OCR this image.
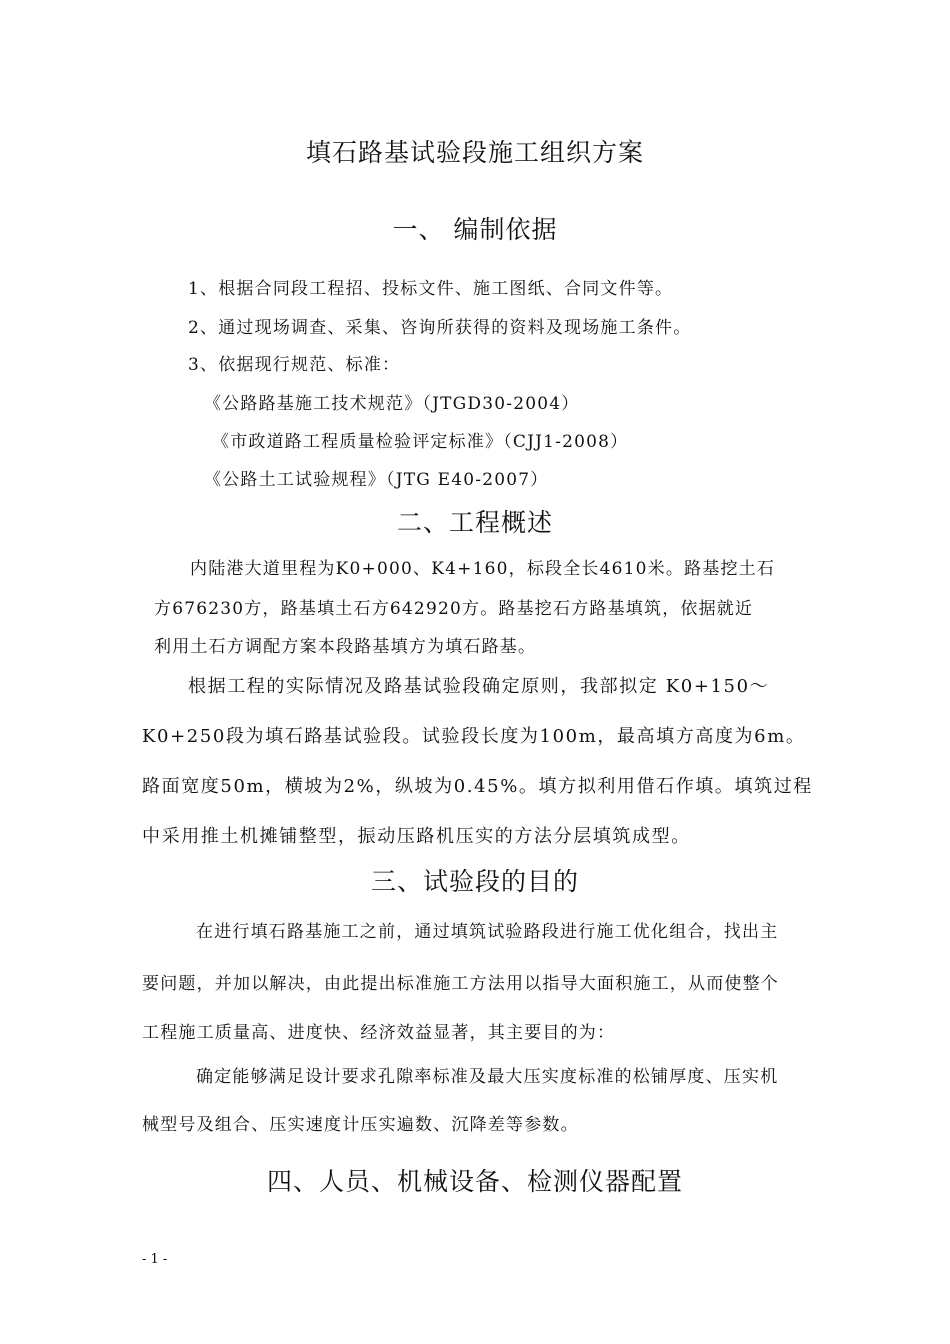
填石路基试验段施工组织方案
一、 编制依据
1、根据合同段工程招、投标文件、施工图纸、合同文件等。
2、通过现场调查、采集、咨询所获得的资料及现场施工条件。
3、依据现行规范、标准：
《公路路基施工技术规范》（JTGD30-2004）
《市政道路工程质量检验评定标准》（CJJ1-2008）
《公路土工试验规程》（JTG E40-2007）
二、工程概述
内陆港大道里程为K0+000、K4+160，标段全长4610米。路基挖土石
方676230方，路基填土石方642920方。路基挖石方路基填筑，依据就近
利用土石方调配方案本段路基填方为填石路基。
根据工程的实际情况及路基试验段确定原则，我部拟定 K0+150～
K0+250段为填石路基试验段。试验段长度为100m，最高填方高度为6m。
路面宽度50m，横坡为2%，纵坡为0.45%。填方拟利用借石作填。填筑过程
中采用推土机摊铺整型，振动压路机压实的方法分层填筑成型。
三、试验段的目的
在进行填石路基施工之前，通过填筑试验路段进行施工优化组合，找出主
要问题，并加以解决，由此提出标准施工方法用以指导大面积施工，从而使整个
工程施工质量高、进度快、经济效益显著，其主要目的为：
确定能够满足设计要求孔隙率标准及最大压实度标准的松铺厚度、压实机
械型号及组合、压实速度计压实遍数、沉降差等参数。
四、人员、机械设备、检测仪器配置
- 1 -
